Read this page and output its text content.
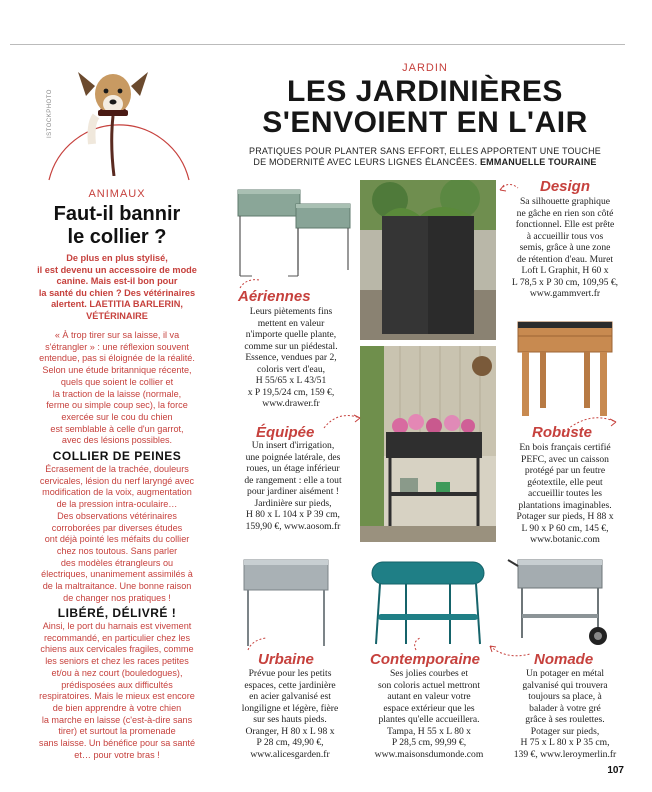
ISTOCKPHOTO
ANIMAUX
Faut-il bannir
le collier ?
De plus en plus stylisé,
il est devenu un accessoire de mode
canine. Mais est-il bon pour
la santé du chien ? Des vétérinaires
alertent. LAETITIA BARLERIN,
VÉTÉRINAIRE
« À trop tirer sur sa laisse, il va
s'étrangler » : une réflexion souvent
entendue, pas si éloignée de la réalité.
Selon une étude britannique récente,
quels que soient le collier et
la traction de la laisse (normale,
ferme ou simple coup sec), la force
exercée sur le cou du chien
est semblable à celle d'un garrot,
avec des lésions possibles.
COLLIER DE PEINES
Écrasement de la trachée, douleurs
cervicales, lésion du nerf laryngé avec
modification de la voix, augmentation
de la pression intra-oculaire…
Des observations vétérinaires
corroborées par diverses études
ont déjà pointé les méfaits du collier
chez nos toutous. Sans parler
des modèles étrangleurs ou
électriques, unanimement assimilés à
de la maltraitance. Une bonne raison
de changer nos pratiques !
LIBÉRÉ, DÉLIVRÉ !
Ainsi, le port du harnais est vivement
recommandé, en particulier chez les
chiens aux cervicales fragiles, comme
les seniors et chez les races petites
et/ou à nez court (bouledogues),
prédisposées aux difficultés
respiratoires. Mais le mieux est encore
de bien apprendre à votre chien
la marche en laisse (c'est-à-dire sans
tirer) et surtout la promenade
sans laisse. Un bénéfice pour sa santé
et… pour votre bras !
JARDIN
LES JARDINIÈRES
S'ENVOIENT EN L'AIR
PRATIQUES POUR PLANTER SANS EFFORT, ELLES APPORTENT UNE TOUCHE
DE MODERNITÉ AVEC LEURS LIGNES ÉLANCÉES. EMMANUELLE TOURAINE
Aériennes
Leurs piètements fins
mettent en valeur
n'importe quelle plante,
comme sur un piédestal.
Essence, vendues par 2,
coloris vert d'eau,
H 55/65 x L 43/51
x P 19,5/24 cm, 159 €,
www.drawer.fr
Design
Sa silhouette graphique
ne gâche en rien son côté
fonctionnel. Elle est prête
à accueillir tous vos
semis, grâce à une zone
de rétention d'eau. Muret
Loft L Graphit, H 60 x
L 78,5 x P 30 cm, 109,95 €,
www.gammvert.fr
Robuste
En bois français certifié
PEFC, avec un caisson
protégé par un feutre
géotextile, elle peut
accueillir toutes les
plantations imaginables.
Potager sur pieds, H 88 x
L 90 x P 60 cm, 145 €,
www.botanic.com
Équipée
Un insert d'irrigation,
une poignée latérale, des
roues, un étage inférieur
de rangement : elle a tout
pour jardiner aisément !
Jardinière sur pieds,
H 80 x L 104 x P 39 cm,
159,90 €, www.aosom.fr
Urbaine
Prévue pour les petits
espaces, cette jardinière
en acier galvanisé est
longiligne et légère, fière
sur ses hauts pieds.
Oranger, H 80 x L 98 x
P 28 cm, 49,90 €,
www.alicesgarden.fr
Contemporaine
Ses jolies courbes et
son coloris actuel mettront
autant en valeur votre
espace extérieur que les
plantes qu'elle accueillera.
Tampa, H 55 x L 80 x
P 28,5 cm, 99,99 €,
www.maisonsdumonde.com
Nomade
Un potager en métal
galvanisé qui trouvera
toujours sa place, à
balader à votre gré
grâce à ses roulettes.
Potager sur pieds,
H 75 x L 80 x P 35 cm,
139 €, www.leroymerlin.fr
107
